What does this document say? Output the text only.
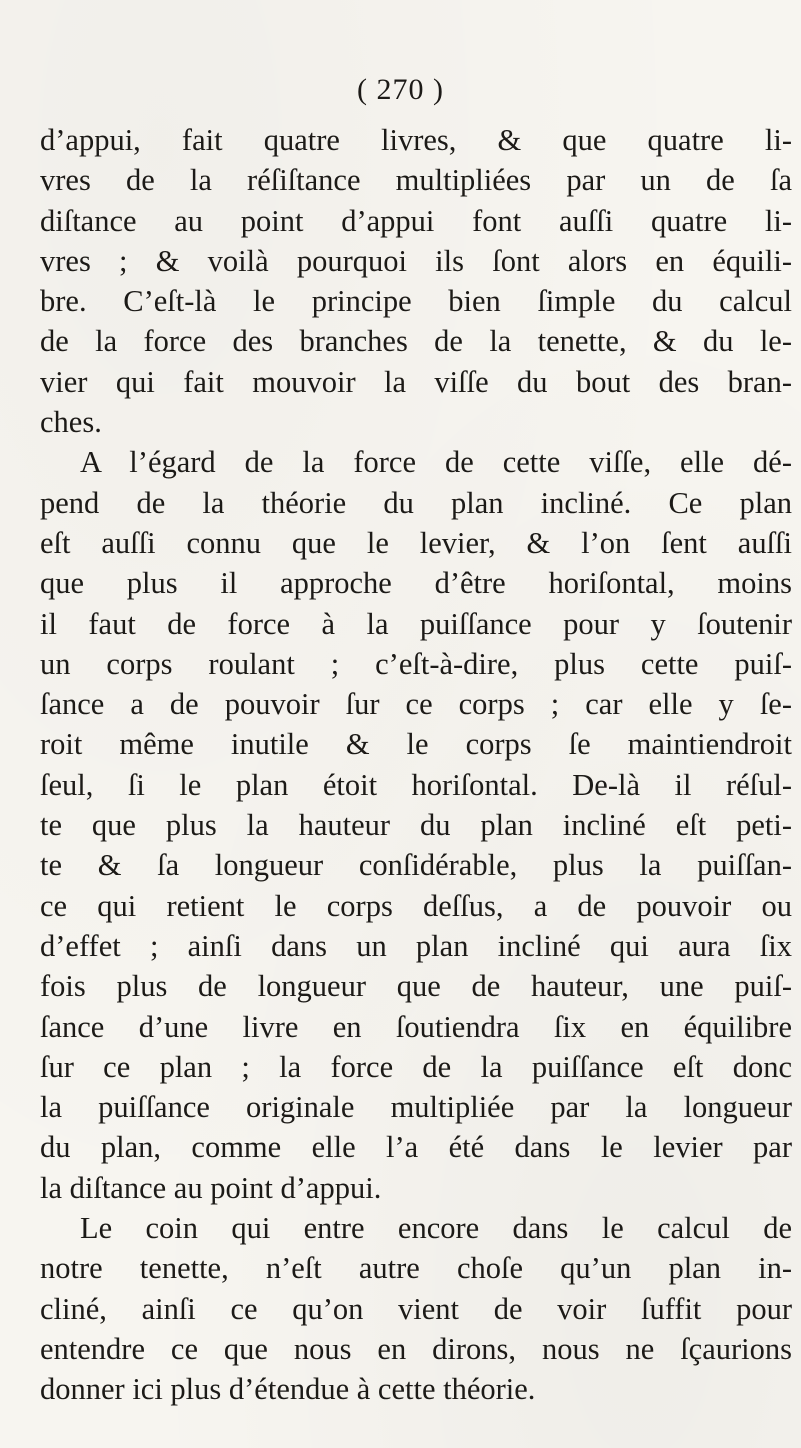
( 270 )
d’appui, fait quatre livres, & que quatre li-
vres de la réſiſtance multipliées par un de ſa
diſtance au point d’appui font auſſi quatre li-
vres ; & voilà pourquoi ils ſont alors en équili-
bre. C’eſt-là le principe bien ſimple du calcul
de la force des branches de la tenette, & du le-
vier qui fait mouvoir la viſſe du bout des bran-
ches.
A l’égard de la force de cette viſſe, elle dé-
pend de la théorie du plan incliné. Ce plan
eſt auſſi connu que le levier, & l’on ſent auſſi
que plus il approche d’être horiſontal, moins
il faut de force à la puiſſance pour y ſoutenir
un corps roulant ; c’eſt-à-dire, plus cette puiſ-
ſance a de pouvoir ſur ce corps ; car elle y ſe-
roit même inutile & le corps ſe maintiendroit
ſeul, ſi le plan étoit horiſontal. De-là il réſul-
te que plus la hauteur du plan incliné eſt peti-
te & ſa longueur conſidérable, plus la puiſſan-
ce qui retient le corps deſſus, a de pouvoir ou
d’effet ; ainſi dans un plan incliné qui aura ſix
fois plus de longueur que de hauteur, une puiſ-
ſance d’une livre en ſoutiendra ſix en équilibre
ſur ce plan ; la force de la puiſſance eſt donc
la puiſſance originale multipliée par la longueur
du plan, comme elle l’a été dans le levier par
la diſtance au point d’appui.
Le coin qui entre encore dans le calcul de
notre tenette, n’eſt autre choſe qu’un plan in-
cliné, ainſi ce qu’on vient de voir ſuffit pour
entendre ce que nous en dirons, nous ne ſçaurions
donner ici plus d’étendue à cette théorie.
